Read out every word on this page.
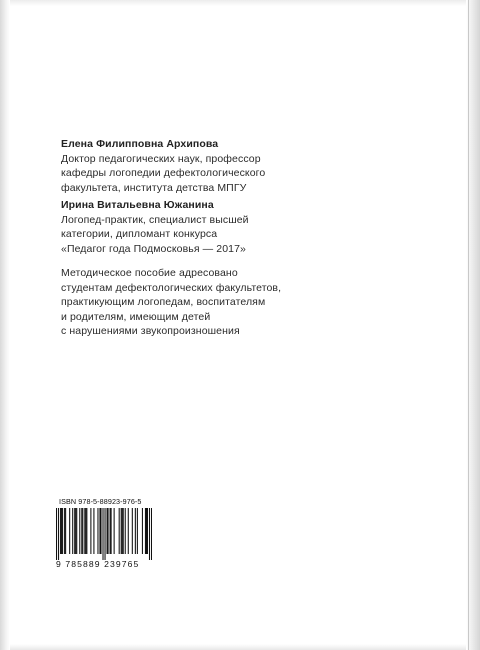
Елена Филипповна Архипова
Доктор педагогических наук, профессор
кафедры логопедии дефектологического
факультета, института детства МПГУ
Ирина Витальевна Южанина
Логопед-практик, специалист высшей
категории, дипломант конкурса
«Педагог года Подмосковья — 2017»
Методическое пособие адресовано
студентам дефектологических факультетов,
практикующим логопедам, воспитателям
и родителям, имеющим детей
с нарушениями звукопроизношения
ISBN 978-5-88923-976-5
9 785889 239765
